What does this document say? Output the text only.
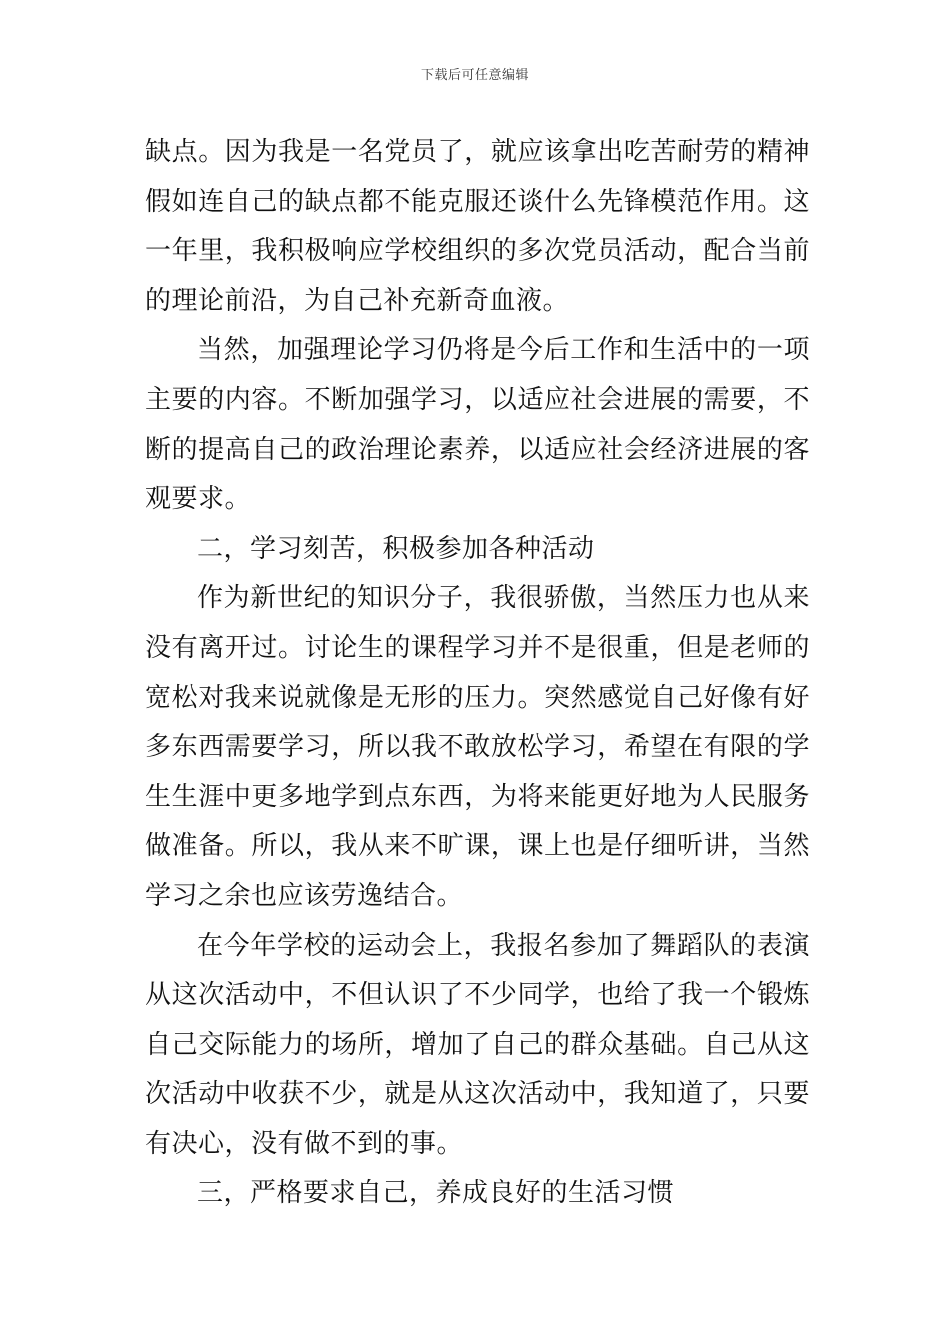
下载后可任意编辑
缺点。因为我是一名党员了，就应该拿出吃苦耐劳的精神
假如连自己的缺点都不能克服还谈什么先锋模范作用。这
一年里，我积极响应学校组织的多次党员活动，配合当前
的理论前沿，为自己补充新奇血液。
当然，加强理论学习仍将是今后工作和生活中的一项
主要的内容。不断加强学习，以适应社会进展的需要，不
断的提高自己的政治理论素养，以适应社会经济进展的客
观要求。
二，学习刻苦，积极参加各种活动
作为新世纪的知识分子，我很骄傲，当然压力也从来
没有离开过。讨论生的课程学习并不是很重，但是老师的
宽松对我来说就像是无形的压力。突然感觉自己好像有好
多东西需要学习，所以我不敢放松学习，希望在有限的学
生生涯中更多地学到点东西，为将来能更好地为人民服务
做准备。所以，我从来不旷课，课上也是仔细听讲，当然
学习之余也应该劳逸结合。
在今年学校的运动会上，我报名参加了舞蹈队的表演
从这次活动中，不但认识了不少同学，也给了我一个锻炼
自己交际能力的场所，增加了自己的群众基础。自己从这
次活动中收获不少，就是从这次活动中，我知道了，只要
有决心，没有做不到的事。
三，严格要求自己，养成良好的生活习惯
